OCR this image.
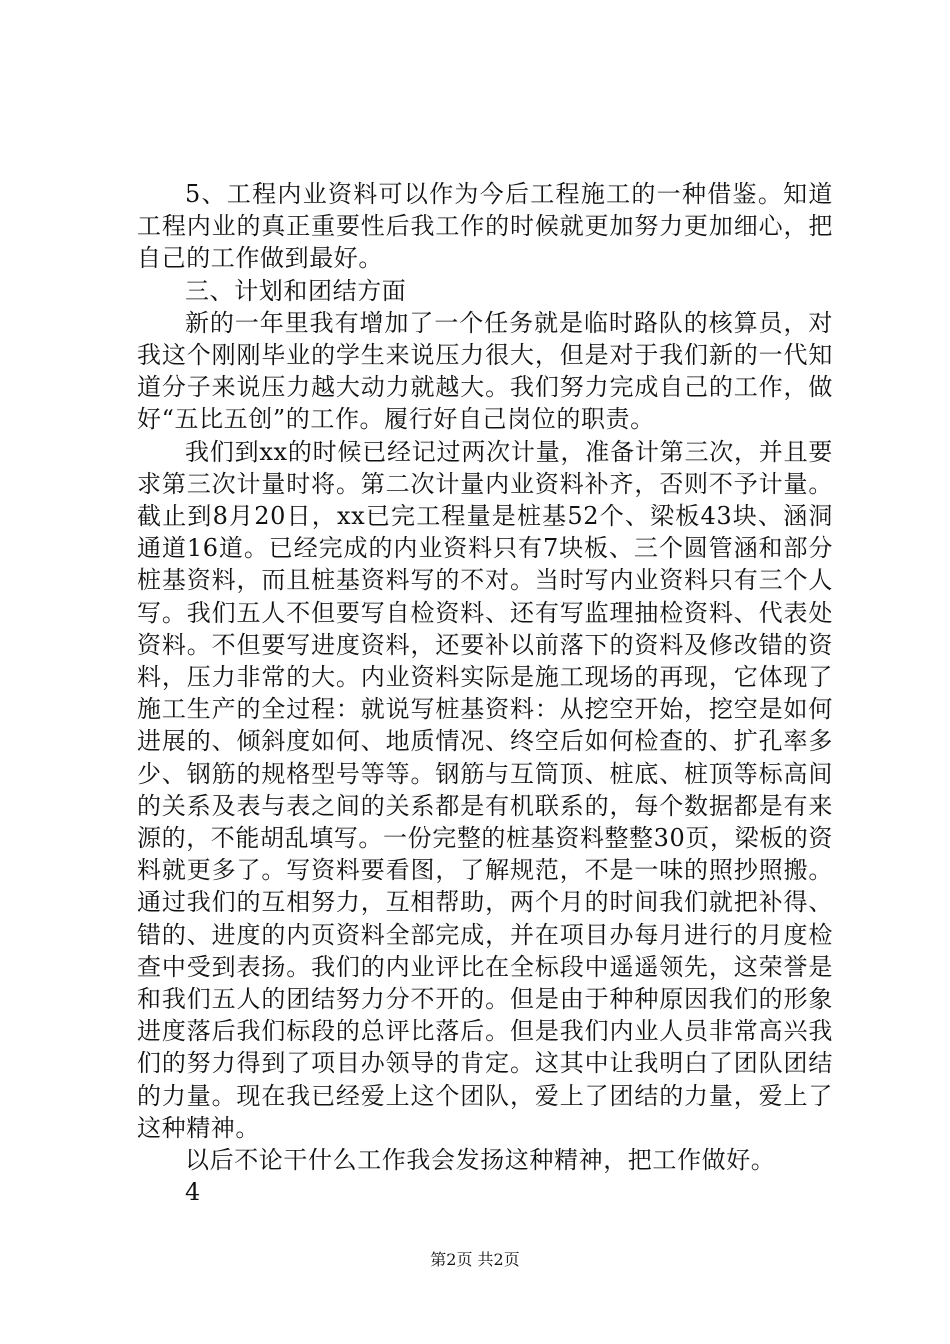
5、工程内业资料可以作为今后工程施工的一种借鉴。知道工程内业的真正重要性后我工作的时候就更加努力更加细心，把自己的工作做到最好。

三、计划和团结方面

新的一年里我有增加了一个任务就是临时路队的核算员，对我这个刚刚毕业的学生来说压力很大，但是对于我们新的一代知道分子来说压力越大动力就越大。我们努力完成自己的工作，做好“五比五创”的工作。履行好自己岗位的职责。

我们到xx的时候已经记过两次计量，准备计第三次，并且要求第三次计量时将。第二次计量内业资料补齐，否则不予计量。截止到8月20日，xx已完工程量是桩基52个、梁板43块、涵洞通道16道。已经完成的内业资料只有7块板、三个圆管涵和部分桩基资料，而且桩基资料写的不对。当时写内业资料只有三个人写。我们五人不但要写自检资料、还有写监理抽检资料、代表处资料。不但要写进度资料，还要补以前落下的资料及修改错的资料，压力非常的大。内业资料实际是施工现场的再现，它体现了施工生产的全过程：就说写桩基资料：从挖空开始，挖空是如何进展的、倾斜度如何、地质情况、终空后如何检查的、扩孔率多少、钢筋的规格型号等等。钢筋与互筒顶、桩底、桩顶等标高间的关系及表与表之间的关系都是有机联系的，每个数据都是有来源的，不能胡乱填写。一份完整的桩基资料整整30页，梁板的资料就更多了。写资料要看图，了解规范，不是一味的照抄照搬。通过我们的互相努力，互相帮助，两个月的时间我们就把补得、错的、进度的内页资料全部完成，并在项目办每月进行的月度检查中受到表扬。我们的内业评比在全标段中遥遥领先，这荣誉是和我们五人的团结努力分不开的。但是由于种种原因我们的形象进度落后我们标段的总评比落后。但是我们内业人员非常高兴我们的努力得到了项目办领导的肯定。这其中让我明白了团队团结的力量。现在我已经爱上这个团队，爱上了团结的力量，爱上了这种精神。

以后不论干什么工作我会发扬这种精神，把工作做好。

4

第2页 共2页
